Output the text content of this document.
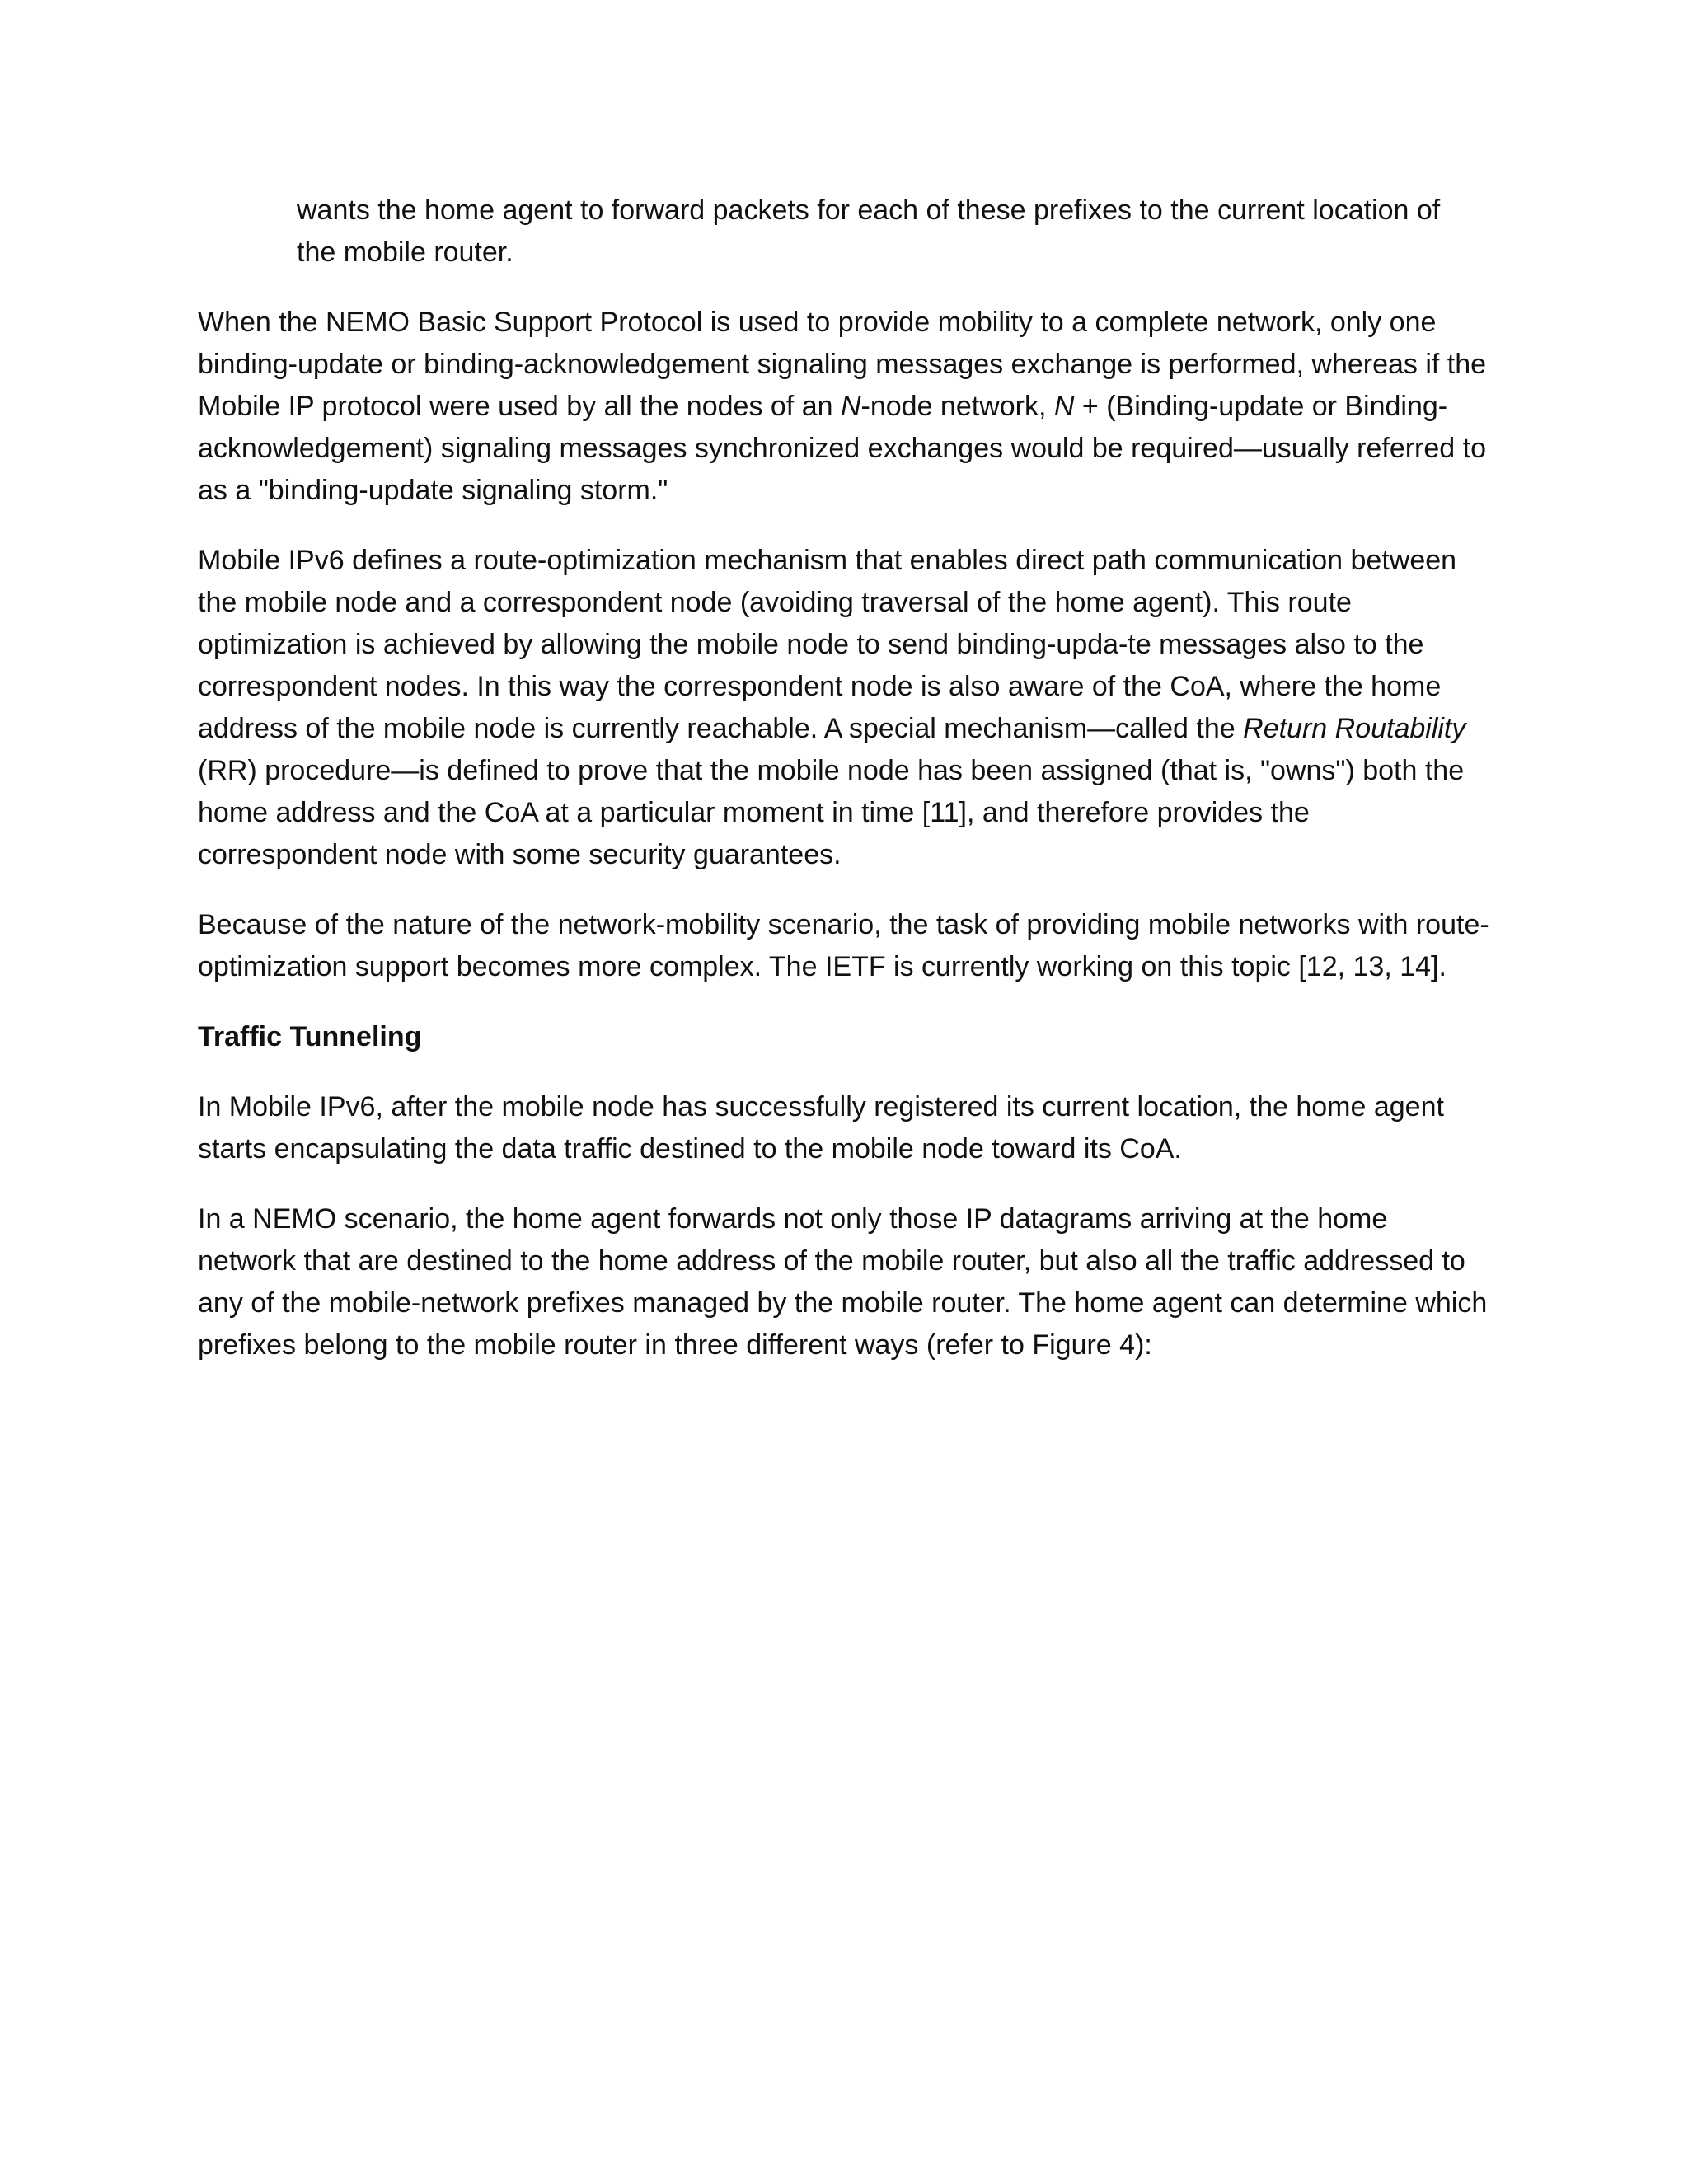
wants the home agent to forward packets for each of these prefixes to the current location of the mobile router.

When the NEMO Basic Support Protocol is used to provide mobility to a complete network, only one binding-update or binding-acknowledgement signaling messages exchange is performed, whereas if the Mobile IP protocol were used by all the nodes of an N-node network, N + (Binding-update or Binding-acknowledgement) signaling messages synchronized exchanges would be required—usually referred to as a "binding-update signaling storm."

Mobile IPv6 defines a route-optimization mechanism that enables direct path communication between the mobile node and a correspondent node (avoiding traversal of the home agent). This route optimization is achieved by allowing the mobile node to send binding-upda-te messages also to the correspondent nodes. In this way the correspondent node is also aware of the CoA, where the home address of the mobile node is currently reachable. A special mechanism—called the Return Routability (RR) procedure—is defined to prove that the mobile node has been assigned (that is, "owns") both the home address and the CoA at a particular moment in time [11], and therefore provides the correspondent node with some security guarantees.

Because of the nature of the network-mobility scenario, the task of providing mobile networks with route-optimization support becomes more complex. The IETF is currently working on this topic [12, 13, 14].

Traffic Tunneling

In Mobile IPv6, after the mobile node has successfully registered its current location, the home agent starts encapsulating the data traffic destined to the mobile node toward its CoA.

In a NEMO scenario, the home agent forwards not only those IP datagrams arriving at the home network that are destined to the home address of the mobile router, but also all the traffic addressed to any of the mobile-network prefixes managed by the mobile router. The home agent can determine which prefixes belong to the mobile router in three different ways (refer to Figure 4):
